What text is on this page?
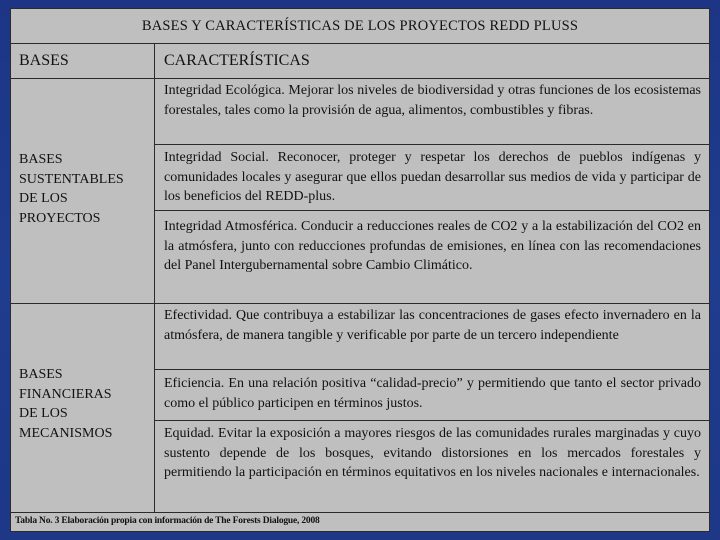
BASES Y CARACTERÍSTICAS DE LOS PROYECTOS REDD PLUSS
BASES	CARACTERÍSTICAS
BASES
SUSTENTABLES
DE LOS
PROYECTOS
Integridad Ecológica. Mejorar los niveles de biodiversidad y otras funciones de los ecosistemas forestales, tales como la provisión de agua, alimentos, combustibles y fibras.
Integridad Social. Reconocer, proteger y respetar los derechos de pueblos indígenas y comunidades locales y asegurar que ellos puedan desarrollar sus medios de vida y participar de los beneficios del REDD-plus.
Integridad Atmosférica. Conducir a reducciones reales de CO2 y a la estabilización del CO2 en la atmósfera, junto con reducciones profundas de emisiones, en línea con las recomendaciones del Panel Intergubernamental sobre Cambio Climático.
BASES
FINANCIERAS
DE LOS
MECANISMOS
Efectividad. Que contribuya a estabilizar las concentraciones de gases efecto invernadero en la atmósfera, de manera tangible y verificable por parte de un tercero independiente
Eficiencia. En una relación positiva “calidad-precio” y permitiendo que tanto el sector privado como el público participen en términos justos.
Equidad. Evitar la exposición a mayores riesgos de las comunidades rurales marginadas y cuyo sustento depende de los bosques, evitando distorsiones en los mercados forestales y permitiendo la participación en términos equitativos en los niveles nacionales e internacionales.
Tabla No. 3 Elaboración propia con información de The Forests Dialogue, 2008
